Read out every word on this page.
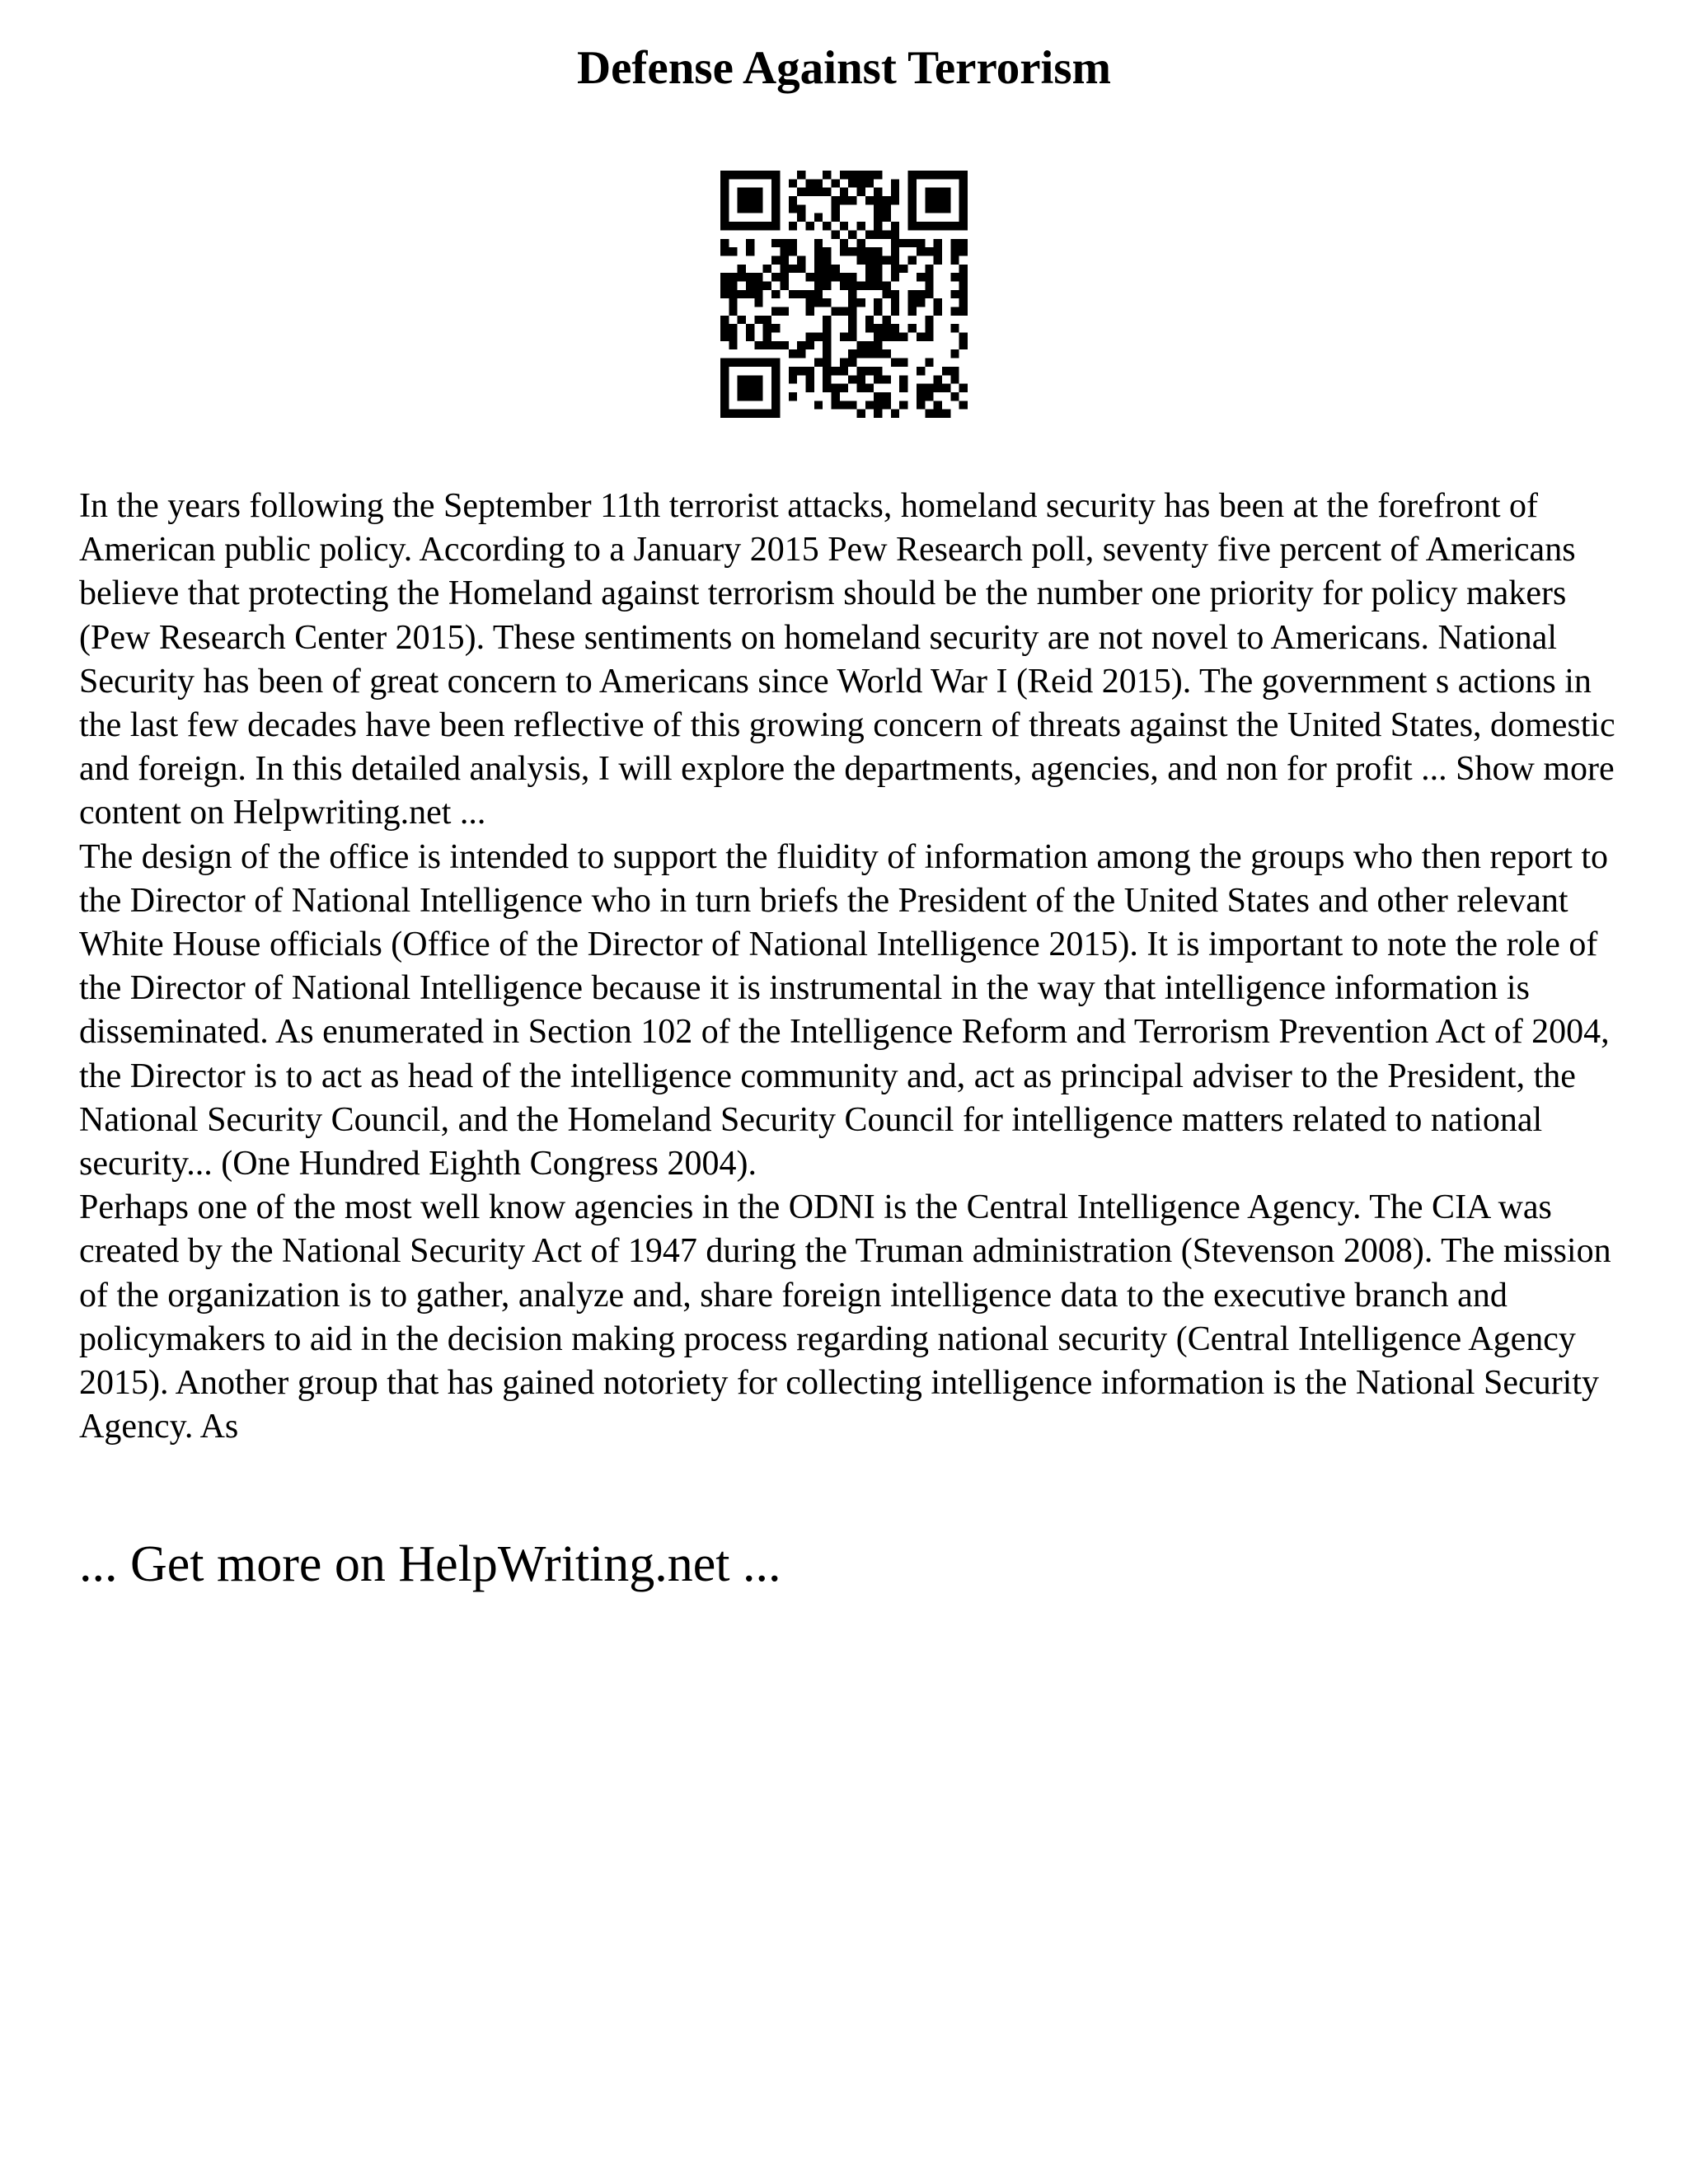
Defense Against Terrorism

In the years following the September 11th terrorist attacks, homeland security has been at the forefront of American public policy. According to a January 2015 Pew Research poll, seventy five percent of Americans believe that protecting the Homeland against terrorism should be the number one priority for policy makers (Pew Research Center 2015). These sentiments on homeland security are not novel to Americans. National Security has been of great concern to Americans since World War I (Reid 2015). The government s actions in the last few decades have been reflective of this growing concern of threats against the United States, domestic and foreign. In this detailed analysis, I will explore the departments, agencies, and non for profit ... Show more content on Helpwriting.net ...

The design of the office is intended to support the fluidity of information among the groups who then report to the Director of National Intelligence who in turn briefs the President of the United States and other relevant White House officials (Office of the Director of National Intelligence 2015). It is important to note the role of the Director of National Intelligence because it is instrumental in the way that intelligence information is disseminated. As enumerated in Section 102 of the Intelligence Reform and Terrorism Prevention Act of 2004, the Director is to act as head of the intelligence community and, act as principal adviser to the President, the National Security Council, and the Homeland Security Council for intelligence matters related to national security... (One Hundred Eighth Congress 2004).

Perhaps one of the most well know agencies in the ODNI is the Central Intelligence Agency. The CIA was created by the National Security Act of 1947 during the Truman administration (Stevenson 2008). The mission of the organization is to gather, analyze and, share foreign intelligence data to the executive branch and policymakers to aid in the decision making process regarding national security (Central Intelligence Agency 2015). Another group that has gained notoriety for collecting intelligence information is the National Security Agency. As

... Get more on HelpWriting.net ...
